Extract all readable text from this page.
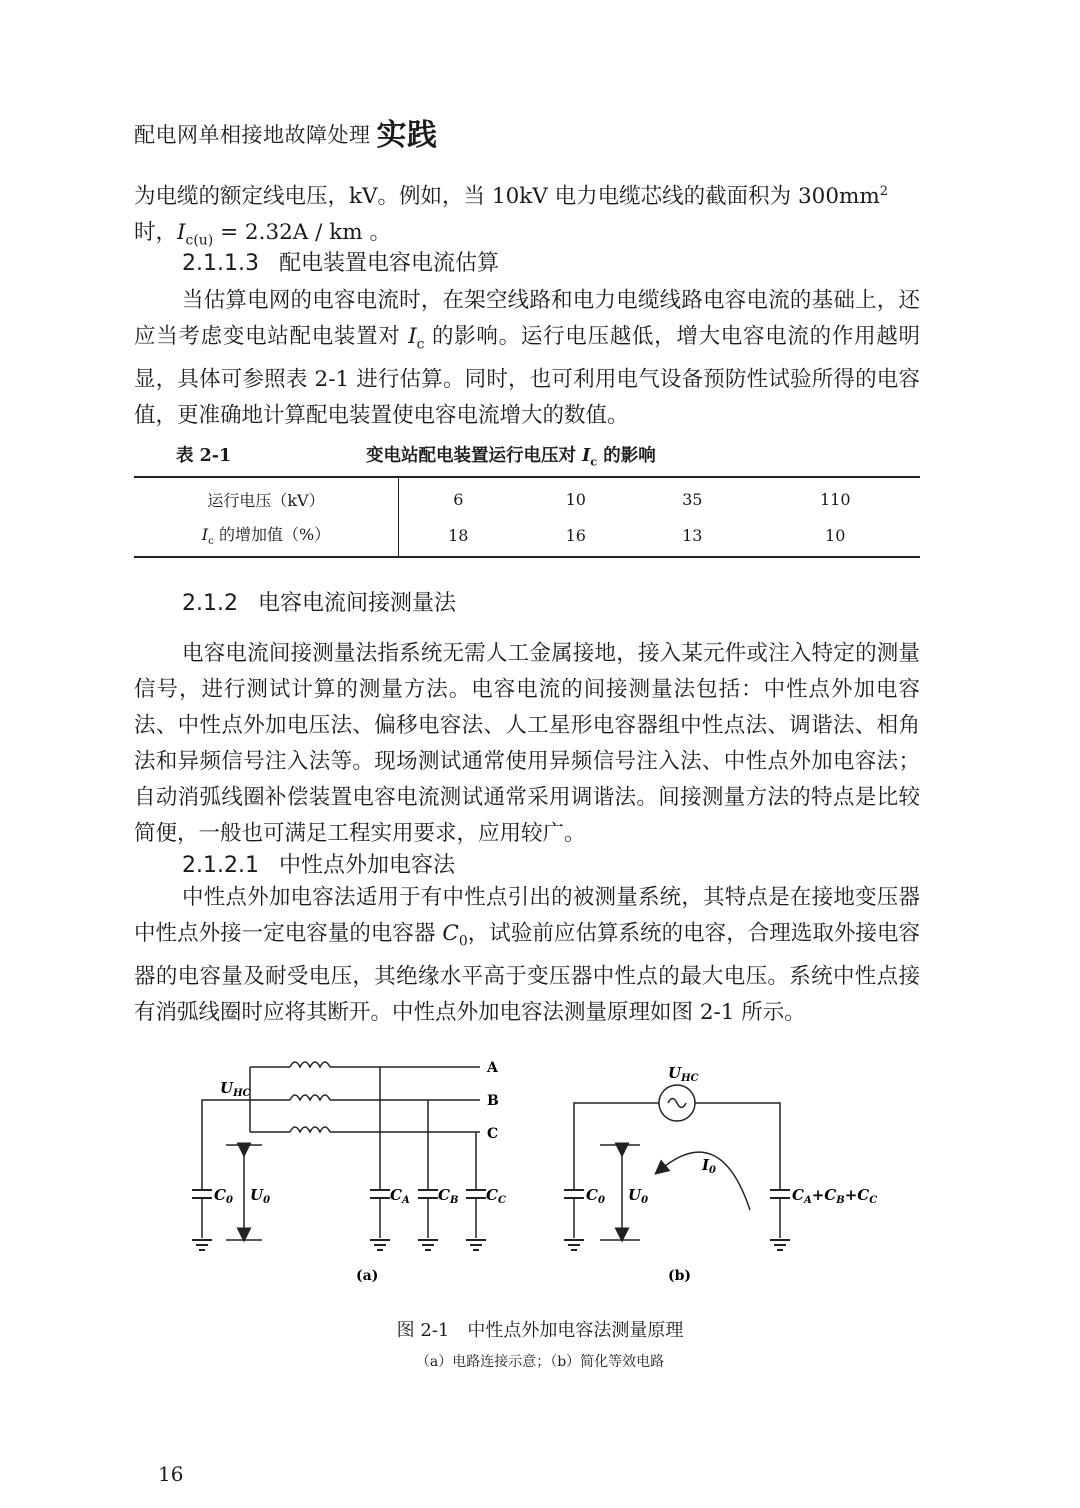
配电网单相接地故障处理 实践
为电缆的额定线电压，kV。例如，当 10kV 电力电缆芯线的截面积为 $300mm^2$
时，$I_{c(u)} = 2.32A$ / km 。
2.1.1.3 配电装置电容电流估算
当估算电网的电容电流时，在架空线路和电力电缆线路电容电流的基础上，还应当考虑变电站配电装置对 $I_c$ 的影响。运行电压越低，增大电容电流的作用越明显，具体可参照表 2-1 进行估算。同时，也可利用电气设备预防性试验所得的电容值，更准确地计算配电装置使电容电流增大的数值。
表 2-1	变电站配电装置运行电压对 $I_c$ 的影响
运行电压（kV）	6	10	35	110
$I_c$ 的增加值（%）	18	16	13	10
2.1.2 电容电流间接测量法
电容电流间接测量法指系统无需人工金属接地，接入某元件或注入特定的测量信号，进行测试计算的测量方法。电容电流的间接测量法包括：中性点外加电容法、中性点外加电压法、偏移电容法、人工星形电容器组中性点法、调谐法、相角法和异频信号注入法等。现场测试通常使用异频信号注入法、中性点外加电容法；自动消弧线圈补偿装置电容电流测试通常采用调谐法。间接测量方法的特点是比较简便，一般也可满足工程实用要求，应用较广。
2.1.2.1 中性点外加电容法
中性点外加电容法适用于有中性点引出的被测量系统，其特点是在接地变压器中性点外接一定电容量的电容器 $C_0$，试验前应估算系统的电容，合理选取外接电容器的电容量及耐受电压，其绝缘水平高于变压器中性点的最大电压。系统中性点接有消弧线圈时应将其断开。中性点外加电容法测量原理如图 2-1 所示。
$U_{HC}$
A
B
C
$C_0$ $U_0$	$C_A$ $C_B$ $C_C$
(a)
$U_{HC}$
$C_0$ $U_0$
$I_0$
$C_A+C_B+C_C$
(b)
图 2-1　中性点外加电容法测量原理
（a）电路连接示意；（b）简化等效电路
16
